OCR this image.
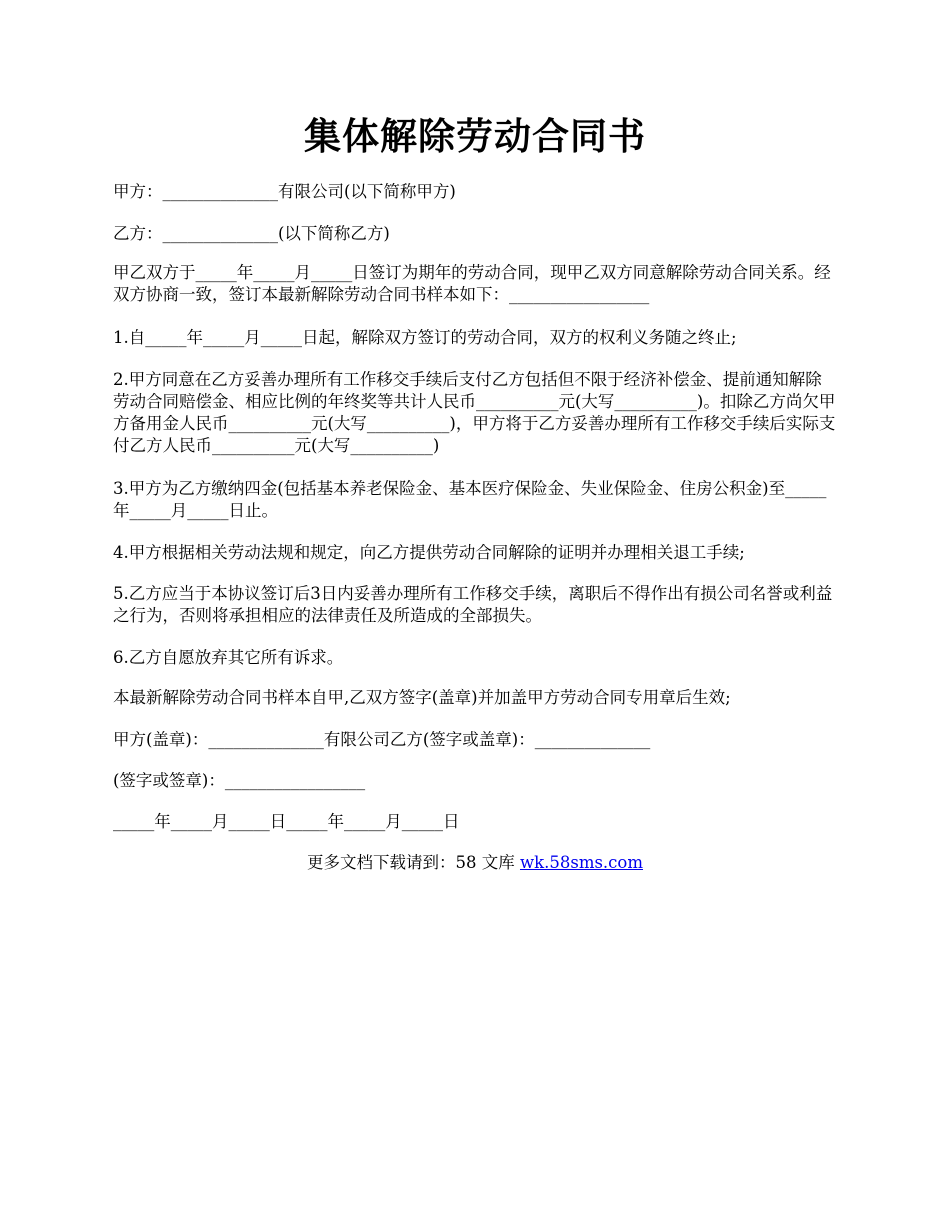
集体解除劳动合同书
甲方：______________有限公司(以下简称甲方)
乙方：______________(以下简称乙方)
甲乙双方于_____年_____月_____日签订为期年的劳动合同，现甲乙双方同意解除劳动合同关系。经双方协商一致，签订本最新解除劳动合同书样本如下：_________________
1.自_____年_____月_____日起，解除双方签订的劳动合同，双方的权利义务随之终止;
2.甲方同意在乙方妥善办理所有工作移交手续后支付乙方包括但不限于经济补偿金、提前通知解除劳动合同赔偿金、相应比例的年终奖等共计人民币__________元(大写__________)。扣除乙方尚欠甲方备用金人民币__________元(大写__________)，甲方将于乙方妥善办理所有工作移交手续后实际支付乙方人民币__________元(大写__________)
3.甲方为乙方缴纳四金(包括基本养老保险金、基本医疗保险金、失业保险金、住房公积金)至_____年_____月_____日止。
4.甲方根据相关劳动法规和规定，向乙方提供劳动合同解除的证明并办理相关退工手续;
5.乙方应当于本协议签订后3日内妥善办理所有工作移交手续，离职后不得作出有损公司名誉或利益之行为，否则将承担相应的法律责任及所造成的全部损失。
6.乙方自愿放弃其它所有诉求。
本最新解除劳动合同书样本自甲,乙双方签字(盖章)并加盖甲方劳动合同专用章后生效;
甲方(盖章)：______________有限公司乙方(签字或盖章)：______________
(签字或签章)：_________________
_____年_____月_____日_____年_____月_____日
更多文档下载请到：58 文库 wk.58sms.com
